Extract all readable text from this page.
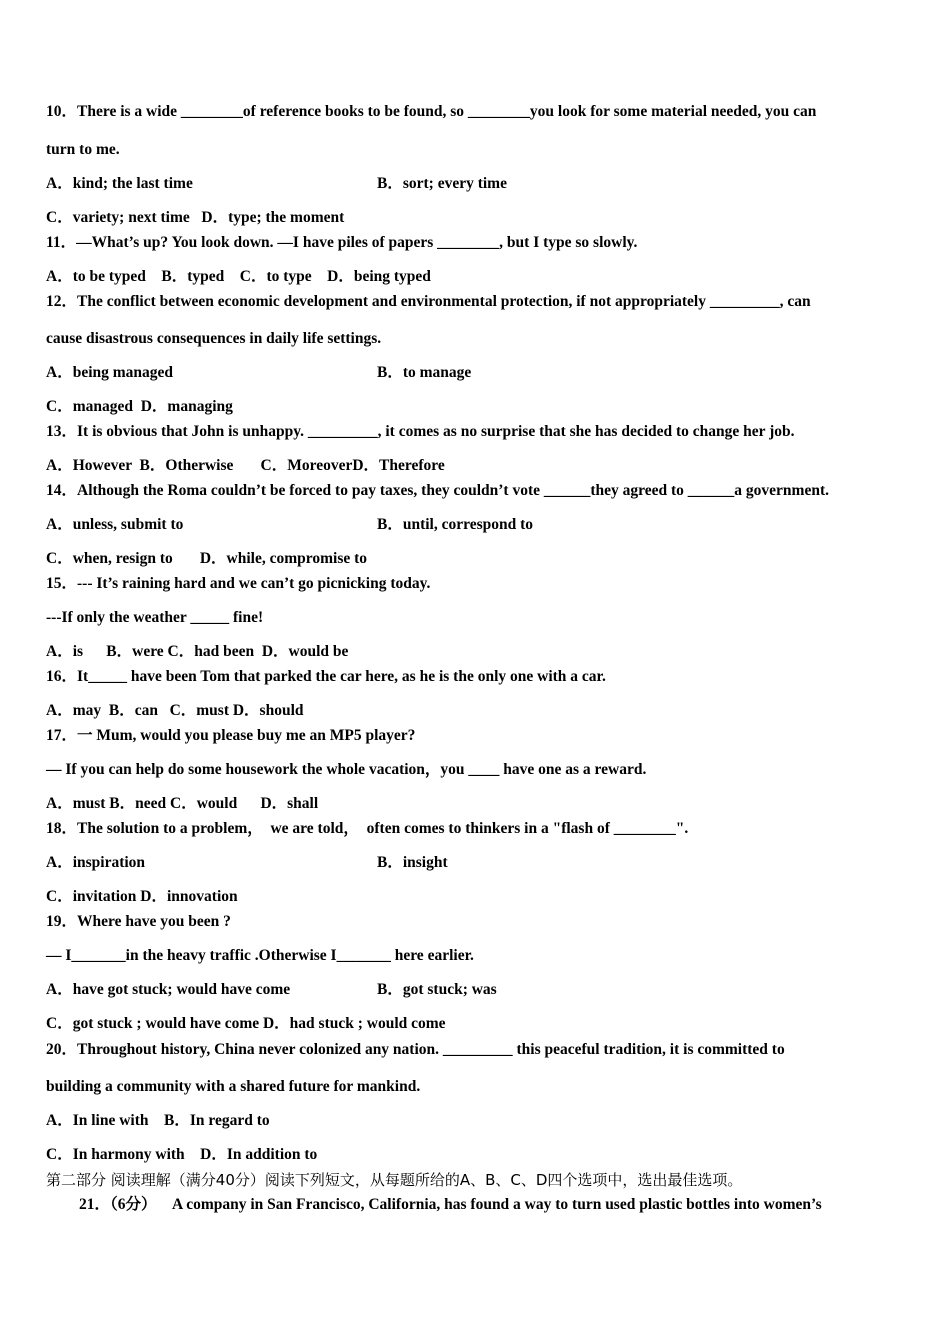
10．There is a wide ________of reference books to be found, so ________you look for some material needed, you can
turn to me.
A．kind; the last time	B．sort; every time
C．variety; next time   D．type; the moment
11．—What’s up? You look down. —I have piles of papers ________, but I type so slowly.
A．to be typed    B．typed    C．to type    D．being typed
12．The conflict between economic development and environmental protection, if not appropriately _________, can
cause disastrous consequences in daily life settings.
A．being managed	B．to manage
C．managed  D．managing
13．It is obvious that John is unhappy. _________, it comes as no surprise that she has decided to change her job.
A．However  B．Otherwise       C．MoreoverD．Therefore
14．Although the Roma couldn’t be forced to pay taxes, they couldn’t vote ______they agreed to ______a government.
A．unless, submit to	B．until, correspond to
C．when, resign to       D．while, compromise to
15．--- It’s raining hard and we can’t go picnicking today.
---If only the weather _____ fine!
A．is      B．were C．had been  D．would be
16．It_____ have been Tom that parked the car here, as he is the only one with a car.
A．may  B．can   C．must D．should
17．一 Mum, would you please buy me an MP5 player?
— If you can help do some housework the whole vacation，you ____ have one as a reward.
A．must B．need C．would      D．shall
18．The solution to a problem，  we are told，  often comes to thinkers in a "flash of ________".
A．inspiration	B．insight
C．invitation D．innovation
19．Where have you been ?
— I_______in the heavy traffic .Otherwise I_______ here earlier.
A．have got stuck; would have come	B．got stuck; was
C．got stuck ; would have come D．had stuck ; would come
20．Throughout history, China never colonized any nation. _________ this peaceful tradition, it is committed to
building a community with a shared future for mankind.
A．In line with    B．In regard to
C．In harmony with    D．In addition to
第二部分 阅读理解（满分40分）阅读下列短文，从每题所给的A、B、C、D四个选项中，选出最佳选项。
21．（6分）    A company in San Francisco, California, has found a way to turn used plastic bottles into women’s
